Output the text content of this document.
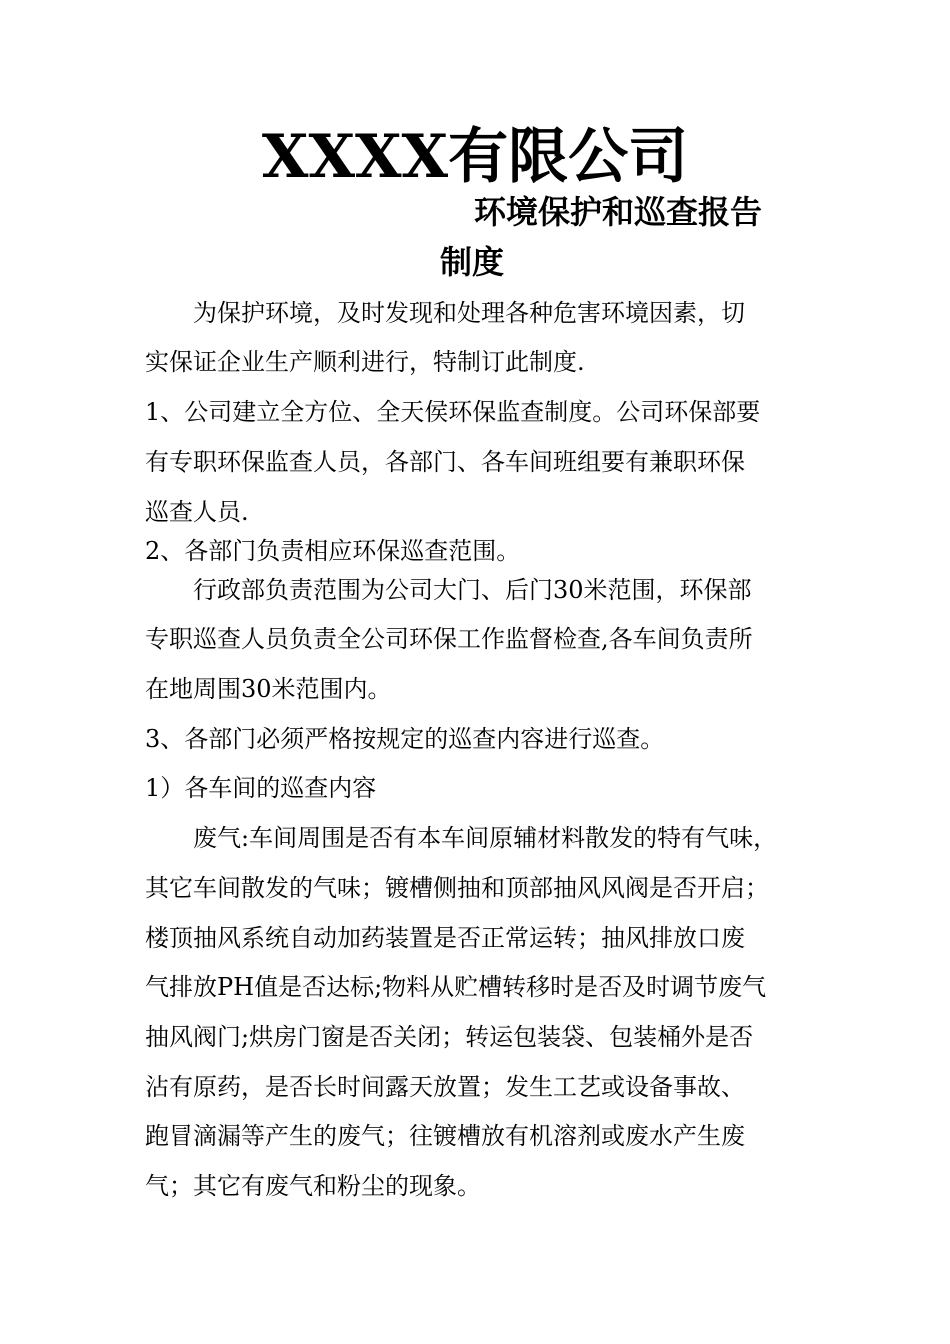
XXXX有限公司
环境保护和巡查报告
制度
为保护环境，及时发现和处理各种危害环境因素，切
实保证企业生产顺利进行，特制订此制度.
1、公司建立全方位、全天侯环保监查制度。公司环保部要
有专职环保监查人员，各部门、各车间班组要有兼职环保
巡查人员.
2、各部门负责相应环保巡查范围。
行政部负责范围为公司大门、后门30米范围，环保部
专职巡查人员负责全公司环保工作监督检查,各车间负责所
在地周围30米范围内。
3、各部门必须严格按规定的巡查内容进行巡查。
1）各车间的巡查内容
废气:车间周围是否有本车间原辅材料散发的特有气味，
其它车间散发的气味；镀槽侧抽和顶部抽风风阀是否开启；
楼顶抽风系统自动加药装置是否正常运转；抽风排放口废
气排放PH值是否达标;物料从贮槽转移时是否及时调节废气
抽风阀门;烘房门窗是否关闭；转运包装袋、包装桶外是否
沾有原药，是否长时间露天放置；发生工艺或设备事故、
跑冒滴漏等产生的废气；往镀槽放有机溶剂或废水产生废
气；其它有废气和粉尘的现象。
